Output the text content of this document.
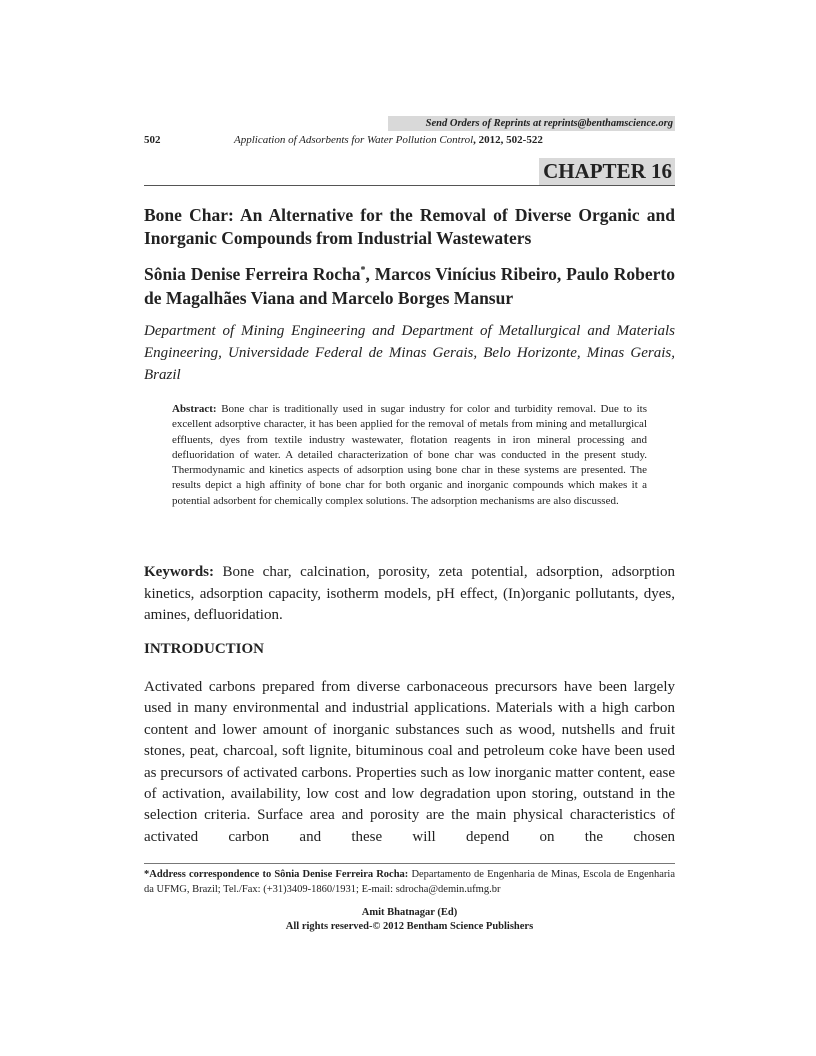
Send Orders of Reprints at reprints@benthamscience.org
502	Application of Adsorbents for Water Pollution Control, 2012, 502-522
CHAPTER 16
Bone Char: An Alternative for the Removal of Diverse Organic and Inorganic Compounds from Industrial Wastewaters

Sônia Denise Ferreira Rocha*, Marcos Vinícius Ribeiro, Paulo Roberto de Magalhães Viana and Marcelo Borges Mansur

Department of Mining Engineering and Department of Metallurgical and Materials Engineering, Universidade Federal de Minas Gerais, Belo Horizonte, Minas Gerais, Brazil

Abstract: Bone char is traditionally used in sugar industry for color and turbidity removal. Due to its excellent adsorptive character, it has been applied for the removal of metals from mining and metallurgical effluents, dyes from textile industry wastewater, flotation reagents in iron mineral processing and defluoridation of water. A detailed characterization of bone char was conducted in the present study. Thermodynamic and kinetics aspects of adsorption using bone char in these systems are presented. The results depict a high affinity of bone char for both organic and inorganic compounds which makes it a potential adsorbent for chemically complex solutions. The adsorption mechanisms are also discussed.

Keywords: Bone char, calcination, porosity, zeta potential, adsorption, adsorption kinetics, adsorption capacity, isotherm models, pH effect, (In)organic pollutants, dyes, amines, defluoridation.

INTRODUCTION

Activated carbons prepared from diverse carbonaceous precursors have been largely used in many environmental and industrial applications. Materials with a high carbon content and lower amount of inorganic substances such as wood, nutshells and fruit stones, peat, charcoal, soft lignite, bituminous coal and petroleum coke have been used as precursors of activated carbons. Properties such as low inorganic matter content, ease of activation, availability, low cost and low degradation upon storing, outstand in the selection criteria. Surface area and porosity are the main physical characteristics of activated carbon and these will depend on the chosen

*Address correspondence to Sônia Denise Ferreira Rocha: Departamento de Engenharia de Minas, Escola de Engenharia da UFMG, Brazil; Tel./Fax: (+31)3409-1860/1931; E-mail: sdrocha@demin.ufmg.br

Amit Bhatnagar (Ed)
All rights reserved-© 2012 Bentham Science Publishers
